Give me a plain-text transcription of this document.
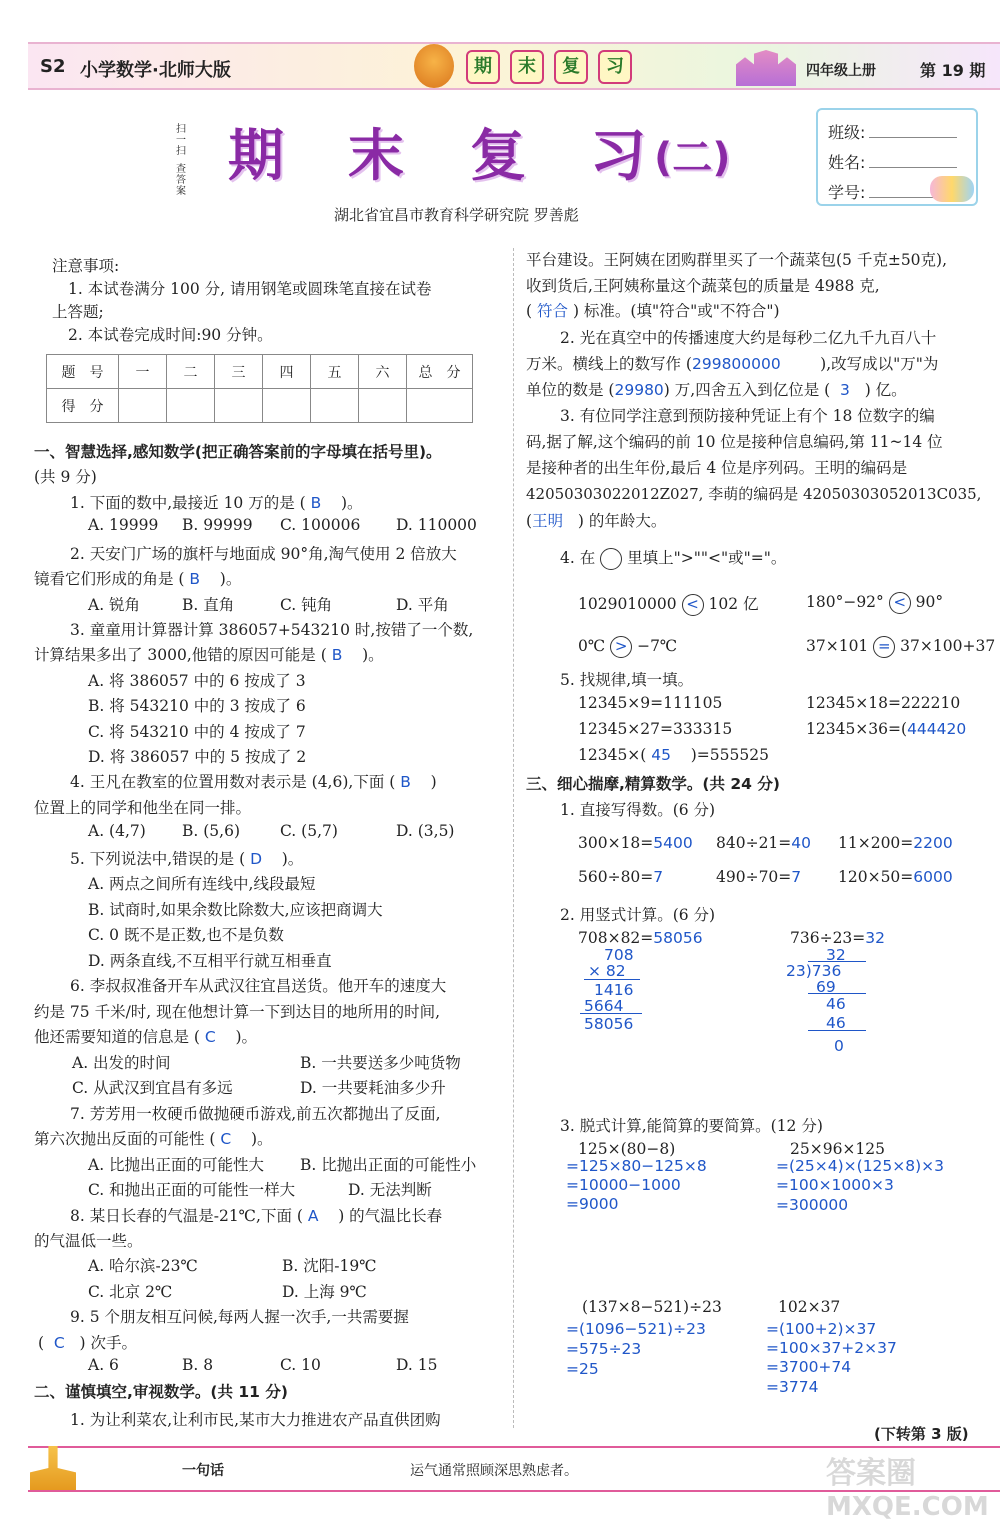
S2 小学数学·北师大版	期	末	复	习	四年级上册	第 19 期
扫一扫
查答案
期 末 复 习 (二)
湖北省宜昌市教育科学研究院 罗善彪
班级:
姓名:
学号:
注意事项:
1. 本试卷满分 100 分, 请用钢笔或圆珠笔直接在试卷
上答题;
2. 本试卷完成时间:90 分钟。
题　号	一	二	三	四	五	六	总　分
得　分							
一、智慧选择,感知数学(把正确答案前的字母填在括号里)。
(共 9 分)
1. 下面的数中,最接近 10 万的是 ( B )。
A. 19999 B. 99999 C. 100006 D. 110000
2. 天安门广场的旗杆与地面成 90°角,淘气使用 2 倍放大
镜看它们形成的角是 ( B )。
A. 锐角	B. 直角	C. 钝角	D. 平角
3. 童童用计算器计算 386057+543210 时,按错了一个数,
计算结果多出了 3000,他错的原因可能是 ( B )。
A. 将 386057 中的 6 按成了 3
B. 将 543210 中的 3 按成了 6
C. 将 543210 中的 4 按成了 7
D. 将 386057 中的 5 按成了 2
4. 王凡在教室的位置用数对表示是 (4,6),下面 ( B )
位置上的同学和他坐在同一排。
A. (4,7) B. (5,6)	C. (5,7)	D. (3,5)
5. 下列说法中,错误的是 ( D )。
A. 两点之间所有连线中,线段最短
B. 试商时,如果余数比除数大,应该把商调大
C. 0 既不是正数,也不是负数
D. 两条直线,不互相平行就互相垂直
6. 李叔叔准备开车从武汉往宜昌送货。他开车的速度大
约是 75 千米/时, 现在他想计算一下到达目的地所用的时间,
他还需要知道的信息是 ( C )。
A. 出发的时间	B. 一共要送多少吨货物
C. 从武汉到宜昌有多远	D. 一共要耗油多少升
7. 芳芳用一枚硬币做抛硬币游戏,前五次都抛出了反面,
第六次抛出反面的可能性 ( C )。
A. 比抛出正面的可能性大 B. 比抛出正面的可能性小
C. 和抛出正面的可能性一样大	D. 无法判断
8. 某日长春的气温是-21℃,下面 ( A ) 的气温比长春
的气温低一些。
A. 哈尔滨-23℃	B. 沈阳-19℃
C. 北京 2℃	D. 上海 9℃
9. 5 个朋友相互问候,每两人握一次手,一共需要握
( C ) 次手。
A. 6	B. 8	C. 10	D. 15
二、谨慎填空,审视数学。(共 11 分)
1. 为让利菜农,让利市民,某市大力推进农产品直供团购
平台建设。王阿姨在团购群里买了一个蔬菜包(5 千克±50克),
收到货后,王阿姨称量这个蔬菜包的质量是 4988 克,
( 符合 ) 标准。(填"符合"或"不符合")
2. 光在真空中的传播速度大约是每秒二亿九千九百八十
万米。横线上的数写作 (299800000	),改写成以"万"为
单位的数是 (29980) 万,四舍五入到亿位是 ( 3 ) 亿。
3. 有位同学注意到预防接种凭证上有个 18 位数字的编
码,据了解,这个编码的前 10 位是接种信息编码,第 11~14 位
是接种者的出生年份,最后 4 位是序列码。王明的编码是
42050303022012Z027, 李萌的编码是 42050303052013C035,
(王明 ) 的年龄大。
4. 在 里填上">""<"或"="。
1029010000 < 102 亿	180°−92° < 90°
0℃ > −7℃	37×101 = 37×100+37
5. 找规律,填一填。
12345×9=111105	12345×18=222210
12345×27=333315	12345×36=(444420
12345×( 45 )=555525
三、细心揣摩,精算数学。(共 24 分)
1. 直接写得数。(6 分)
300×18=5400 840÷21=40 11×200=2200
560÷80=7	490÷70=7 120×50=6000
2. 用竖式计算。(6 分)
708×82=58056
708
× 82
1416
5664
58056
736÷23=32
32
23)736
69
46
46
0
3. 脱式计算,能简算的要简算。(12 分)
125×(80−8)
=125×80−125×8
=10000−1000
=9000
25×96×125
=(25×4)×(125×8)×3
=100×1000×3
=300000
(137×8−521)÷23
=(1096−521)÷23
=575÷23
=25
102×37
=(100+2)×37
=100×37+2×37
=3700+74
=3774
(下转第 3 版)
一句话	运气通常照顾深思熟虑者。	答案圈
MXQE.COM
